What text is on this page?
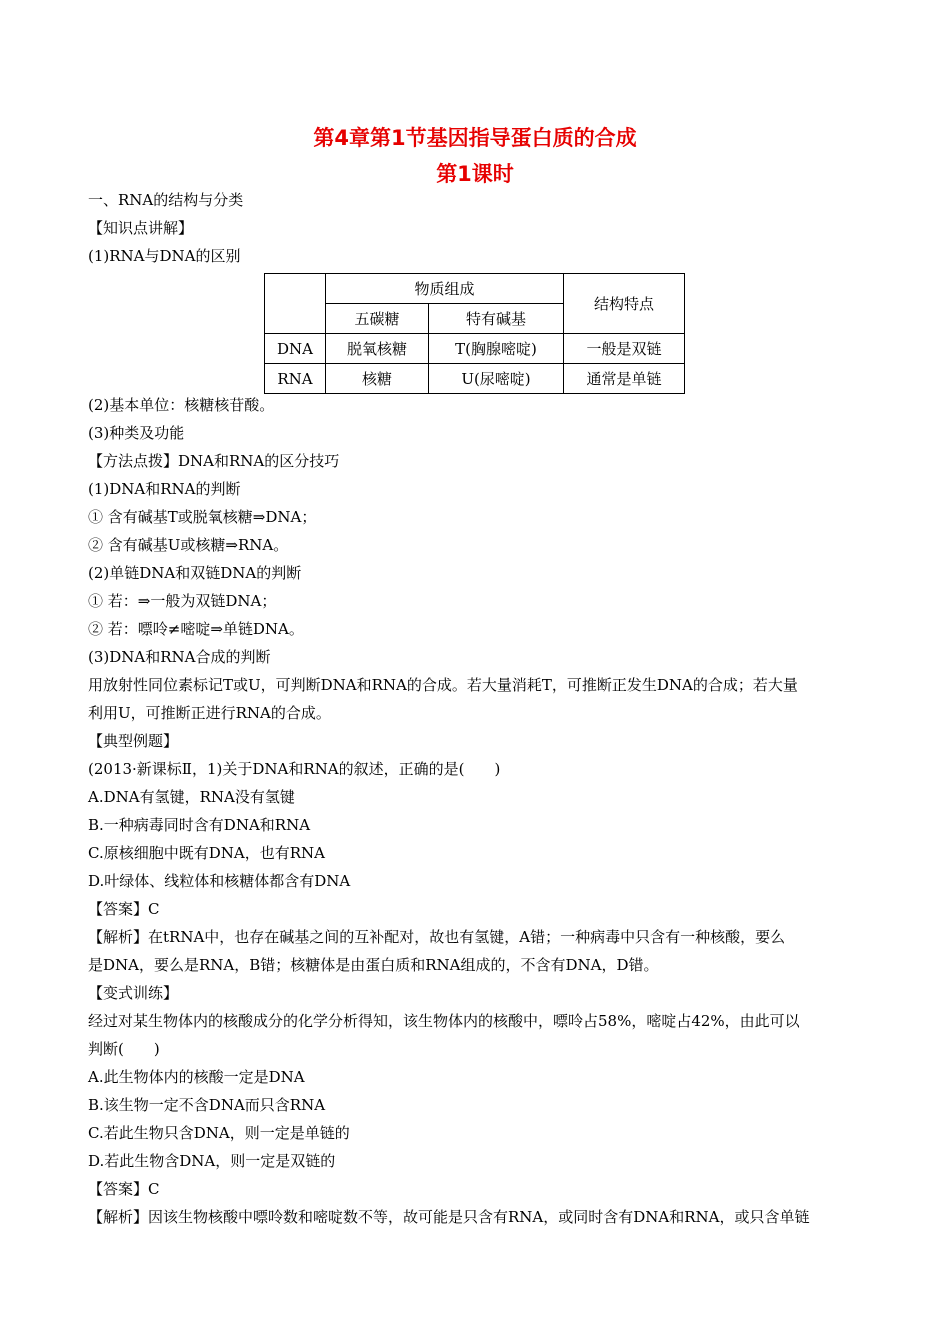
第4章第1节基因指导蛋白质的合成
第1课时
一、RNA的结构与分类
【知识点讲解】
(1)RNA与DNA的区别
	物质组成		结构特点
	五碳糖	特有碱基	
DNA	脱氧核糖	T(胸腺嘧啶)	一般是双链
RNA	核糖	U(尿嘧啶)	通常是单链
(2)基本单位：核糖核苷酸。
(3)种类及功能
【方法点拨】DNA和RNA的区分技巧
(1)DNA和RNA的判断
① 含有碱基T或脱氧核糖⇒DNA；
② 含有碱基U或核糖⇒RNA。
(2)单链DNA和双链DNA的判断
① 若：⇒一般为双链DNA；
② 若：嘌呤≠嘧啶⇒单链DNA。
(3)DNA和RNA合成的判断
用放射性同位素标记T或U，可判断DNA和RNA的合成。若大量消耗T，可推断正发生DNA的合成；若大量
利用U，可推断正进行RNA的合成。
【典型例题】
(2013·新课标Ⅱ，1)关于DNA和RNA的叙述，正确的是(　　)
A.DNA有氢键，RNA没有氢键
B.一种病毒同时含有DNA和RNA
C.原核细胞中既有DNA，也有RNA
D.叶绿体、线粒体和核糖体都含有DNA
【答案】C
【解析】在tRNA中，也存在碱基之间的互补配对，故也有氢键，A错；一种病毒中只含有一种核酸，要么
是DNA，要么是RNA，B错；核糖体是由蛋白质和RNA组成的，不含有DNA，D错。
【变式训练】
经过对某生物体内的核酸成分的化学分析得知，该生物体内的核酸中，嘌呤占58%，嘧啶占42%，由此可以
判断(　　)
A.此生物体内的核酸一定是DNA
B.该生物一定不含DNA而只含RNA
C.若此生物只含DNA，则一定是单链的
D.若此生物含DNA，则一定是双链的
【答案】C
【解析】因该生物核酸中嘌呤数和嘧啶数不等，故可能是只含有RNA，或同时含有DNA和RNA，或只含单链
